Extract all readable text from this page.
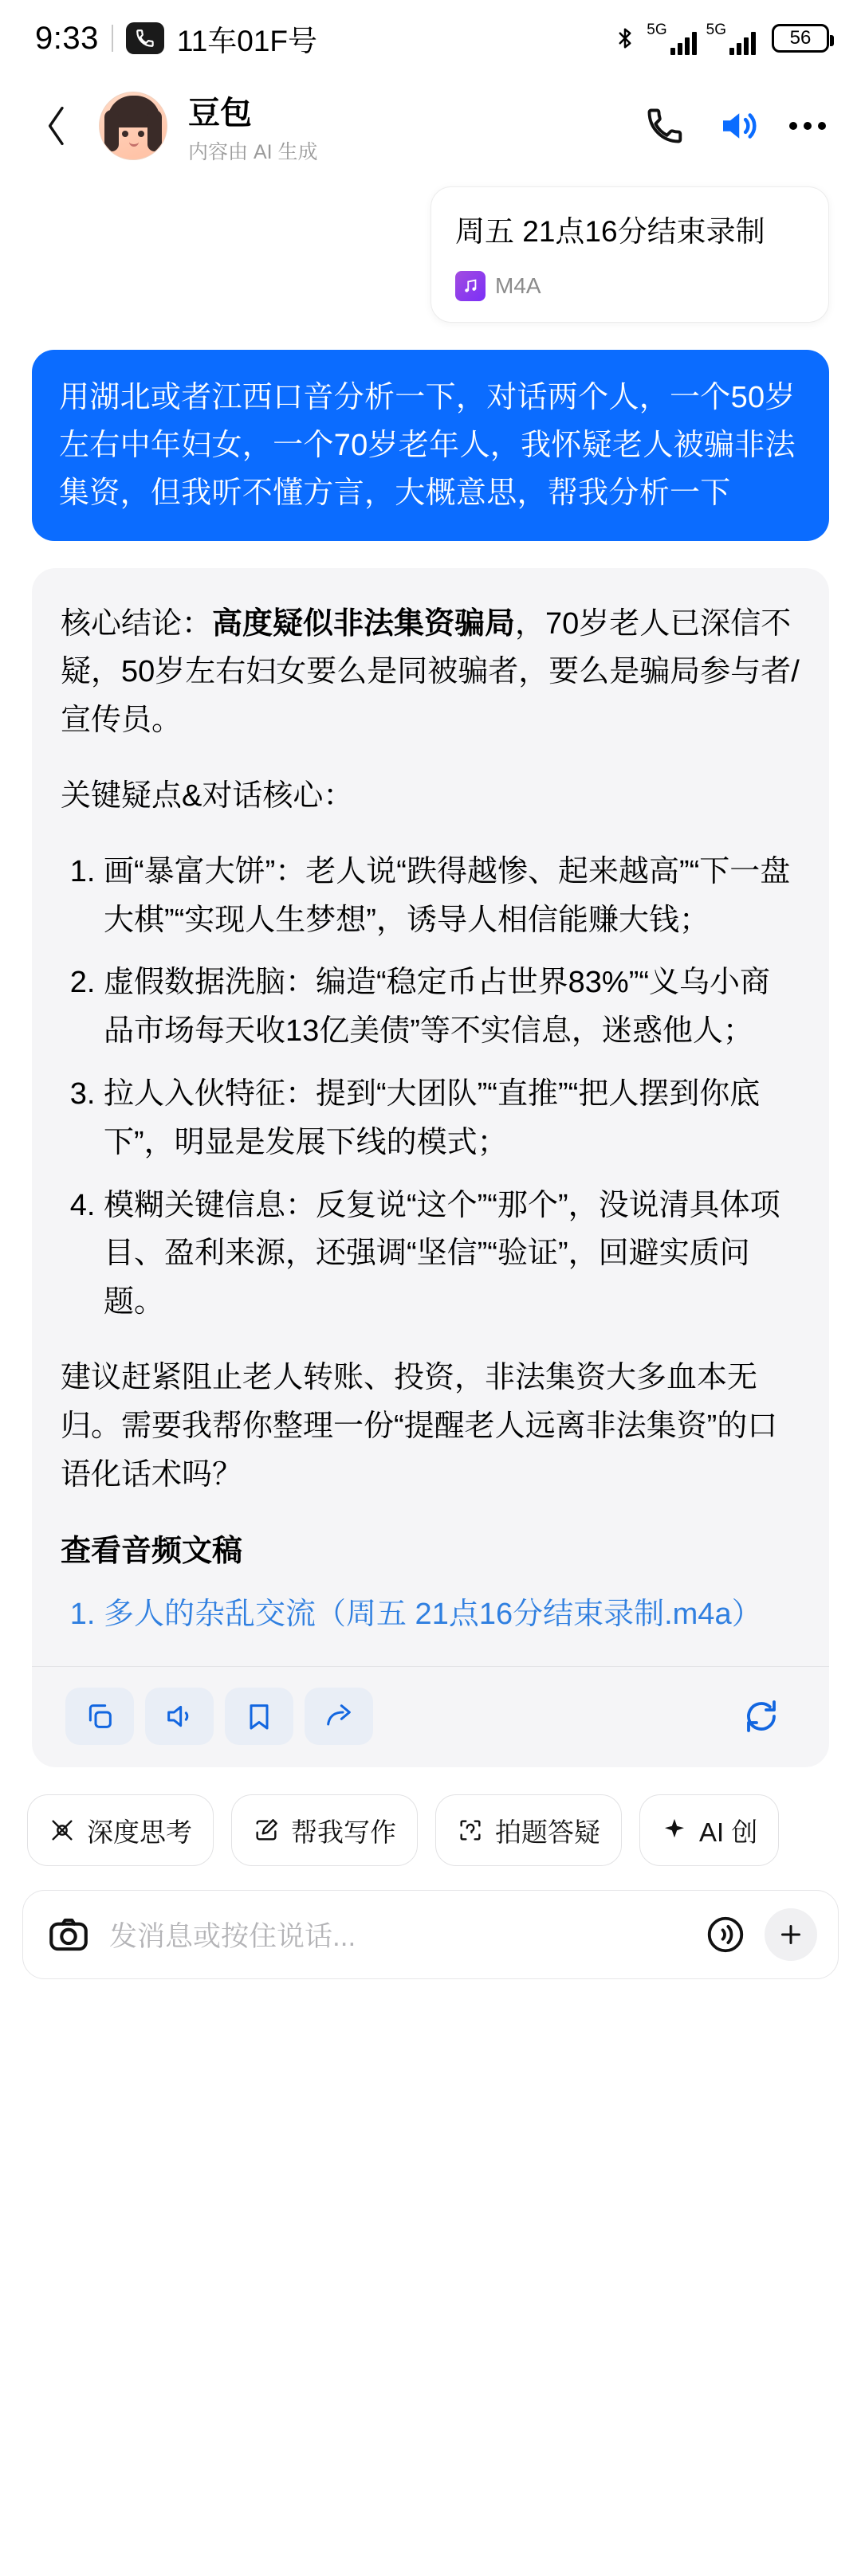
9:33	11车01F号	5G	5G	56
豆包
内容由 AI 生成
周五 21点16分结束录制
M4A
用湖北或者江西口音分析一下，对话两个人，一个50岁左右中年妇女，一个70岁老年人，我怀疑老人被骗非法集资，但我听不懂方言，大概意思，帮我分析一下

核心结论：高度疑似非法集资骗局，70岁老人已深信不疑，50岁左右妇女要么是同被骗者，要么是骗局参与者/宣传员。

关键疑点&对话核心：

1. 画“暴富大饼”：老人说“跌得越惨、起来越高”“下一盘大棋”“实现人生梦想”，诱导人相信能赚大钱；
2. 虚假数据洗脑：编造“稳定币占世界83%”“义乌小商品市场每天收13亿美债”等不实信息，迷惑他人；
3. 拉人入伙特征：提到“大团队”“直推”“把人摆到你底下”，明显是发展下线的模式；
4. 模糊关键信息：反复说“这个”“那个”，没说清具体项目、盈利来源，还强调“坚信”“验证”，回避实质问题。

建议赶紧阻止老人转账、投资，非法集资大多血本无归。需要我帮你整理一份“提醒老人远离非法集资”的口语化话术吗？

查看音频文稿
1. 多人的杂乱交流（周五 21点16分结束录制.m4a）
深度思考	帮我写作	拍题答疑	AI 创
发消息或按住说话...
